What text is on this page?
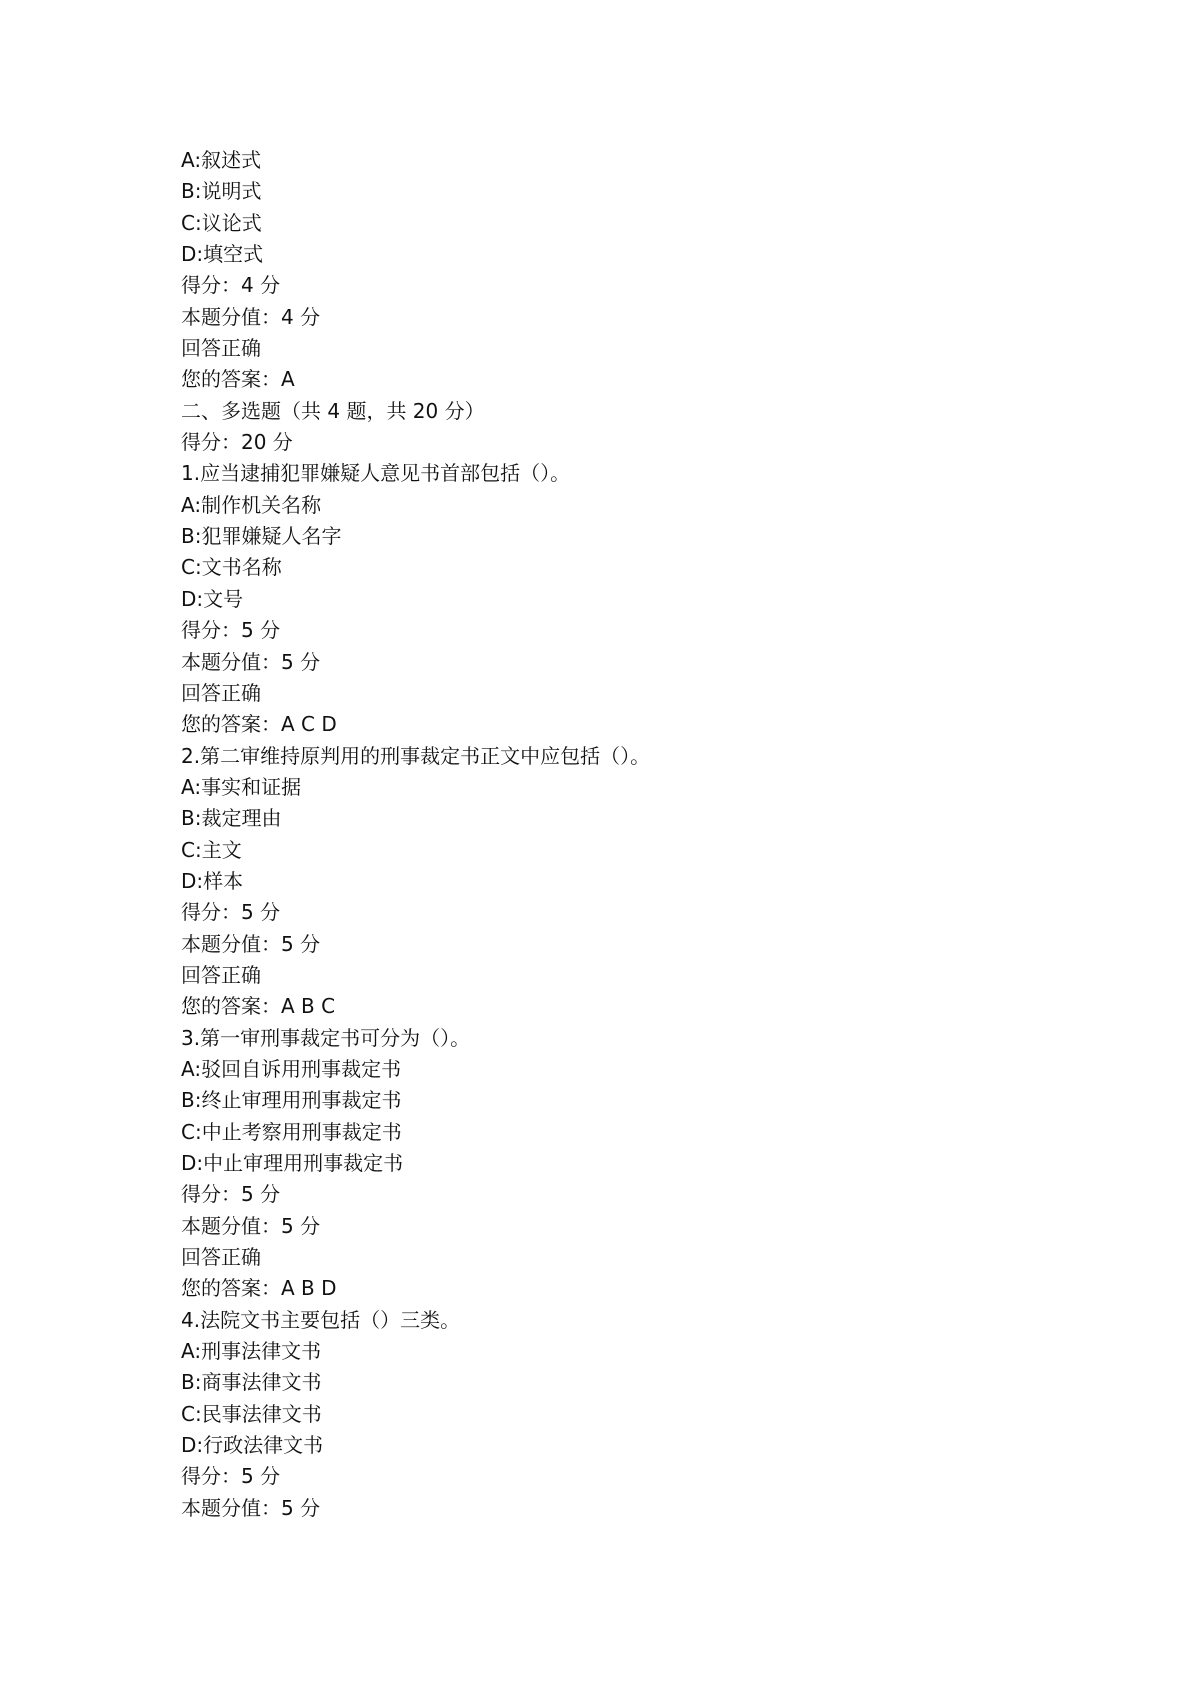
A:叙述式
B:说明式
C:议论式
D:填空式
得分：4 分
本题分值：4 分
回答正确
您的答案：A
二、多选题（共 4 题，共 20 分）
得分：20 分
1.应当逮捕犯罪嫌疑人意见书首部包括（）。
A:制作机关名称
B:犯罪嫌疑人名字
C:文书名称
D:文号
得分：5 分
本题分值：5 分
回答正确
您的答案：A C D
2.第二审维持原判用的刑事裁定书正文中应包括（）。
A:事实和证据
B:裁定理由
C:主文
D:样本
得分：5 分
本题分值：5 分
回答正确
您的答案：A B C
3.第一审刑事裁定书可分为（）。
A:驳回自诉用刑事裁定书
B:终止审理用刑事裁定书
C:中止考察用刑事裁定书
D:中止审理用刑事裁定书
得分：5 分
本题分值：5 分
回答正确
您的答案：A B D
4.法院文书主要包括（）三类。
A:刑事法律文书
B:商事法律文书
C:民事法律文书
D:行政法律文书
得分：5 分
本题分值：5 分
